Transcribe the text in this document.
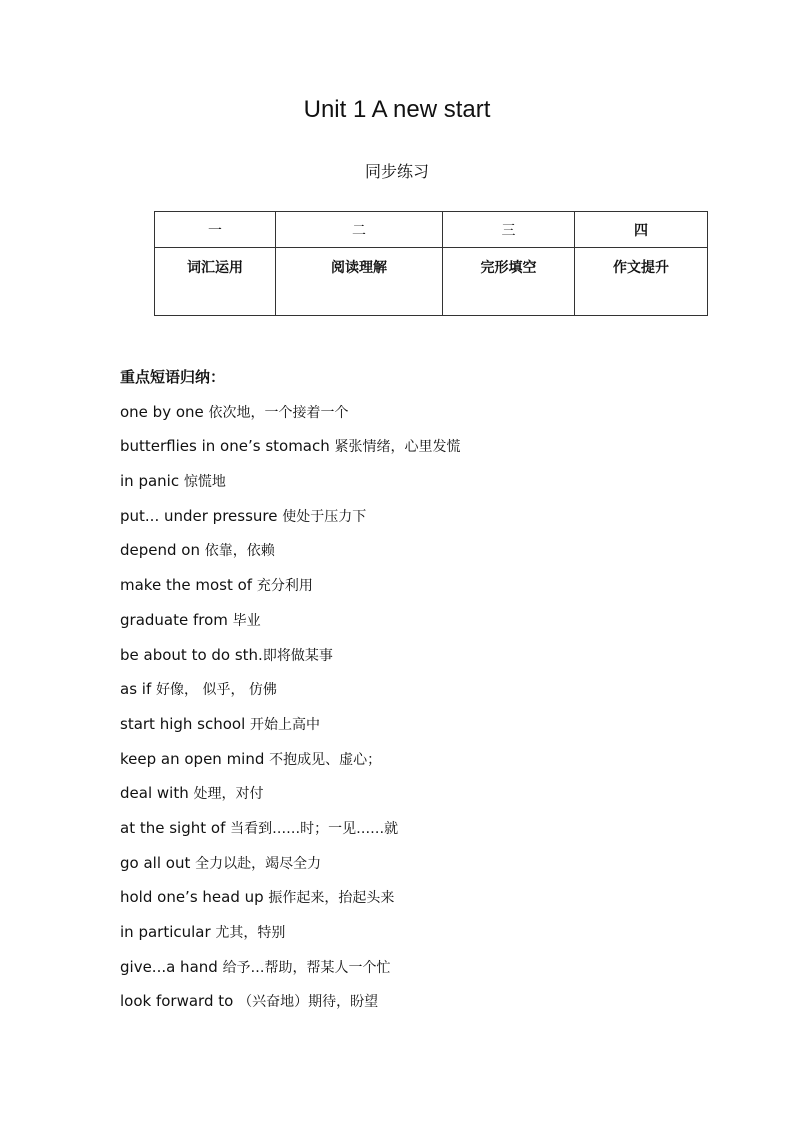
Unit 1 A new start
同步练习
一	二	三	四
词汇运用	阅读理解	完形填空	作文提升
重点短语归纳：
one by one 依次地，一个接着一个
butterflies in one’s stomach 紧张情绪，心里发慌
in panic 惊慌地
put... under pressure 使处于压力下
depend on 依靠，依赖
make the most of 充分利用
graduate from 毕业
be about to do sth.即将做某事
as if 好像， 似乎， 仿佛
start high school 开始上高中
keep an open mind 不抱成见、虚心；
deal with 处理，对付
at the sight of 当看到……时；一见……就
go all out 全力以赴，竭尽全力
hold one’s head up 振作起来，抬起头来
in particular 尤其，特别
give...a hand 给予…帮助，帮某人一个忙
look forward to （兴奋地）期待，盼望
